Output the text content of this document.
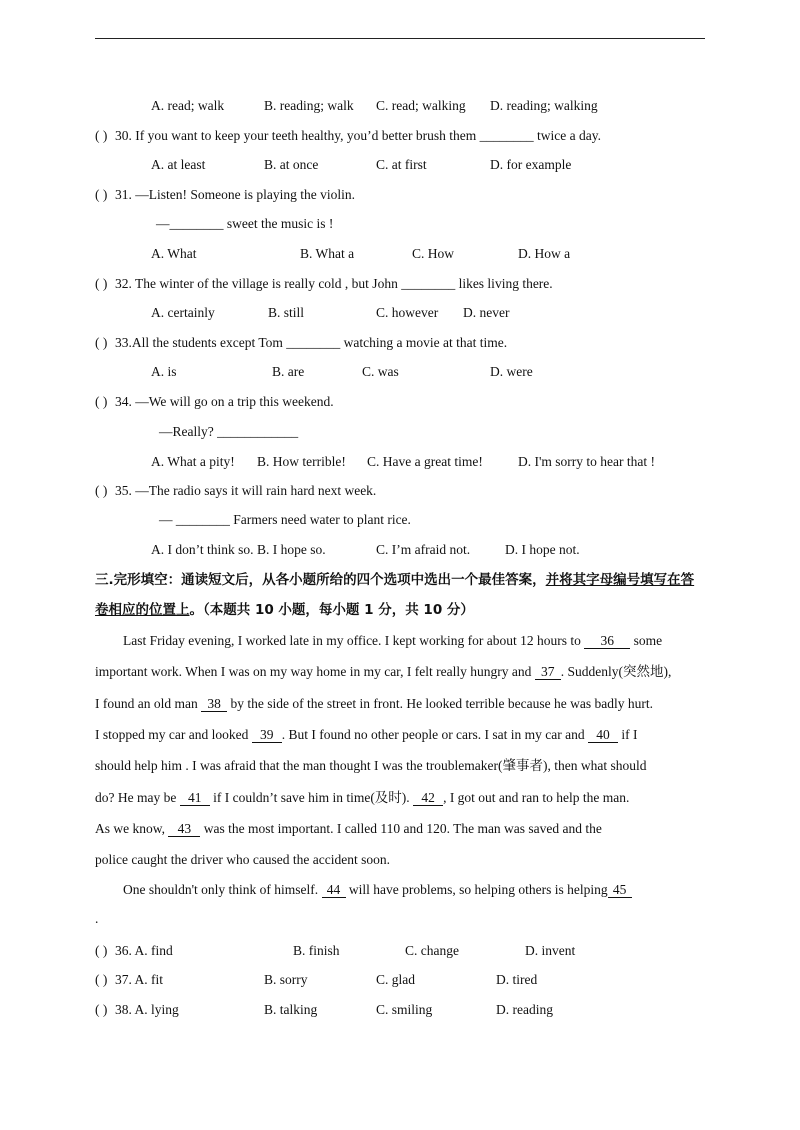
A. read; walk	B. reading; walk C. read; walking D. reading; walking
( ) 30. If you want to keep your teeth healthy, you’d better brush them ________ twice a day.
A. at least	B. at once	C. at first	D. for example
( ) 31. —Listen! Someone is playing the violin.
—________ sweet the music is !
A. What	B. What a	C. How	D. How a
( ) 32. The winter of the village is really cold , but John ________ likes living there.
A. certainly	B. still	C. however D. never
( ) 33.All the students except Tom ________ watching a movie at that time.
A. is	B. are	C. was	D. were
( ) 34. —We will go on a trip this weekend.
—Really? ____________
A. What a pity! B. How terrible! C. Have a great time!	D. I'm sorry to hear that !
( ) 35. —The radio says it will rain hard next week.
— ________ Farmers need water to plant rice.
A. I don’t think so. B. I hope so.	C. I’m afraid not.	D. I hope not.
三.完形填空：通读短文后，从各小题所给的四个选项中选出一个最佳答案，并将其字母编号填写在答
卷相应的位置上。（本题共 10 小题，每小题 1 分，共 10 分）
Last Friday evening, I worked late in my office. I kept working for about 12 hours to 36 some
important work. When I was on my way home in my car, I felt really hungry and 37 . Suddenly(突然地),
I found an old man 38 by the side of the street in front. He looked terrible because he was badly hurt.
I stopped my car and looked 39 . But I found no other people or cars. I sat in my car and 40 if I
should help him . I was afraid that the man thought I was the troublemaker(肇事者), then what should
do? He may be 41 if I couldn’t save him in time(及时). 42 , I got out and ran to help the man.
As we know, 43 was the most important. I called 110 and 120. The man was saved and the
police caught the driver who caused the accident soon.
One shouldn't only think of himself. 44 will have problems, so helping others is helping 45
.
( ) 36. A. find	B. finish	C. change	D. invent
( ) 37. A. fit	B. sorry	C. glad	D. tired
( ) 38. A. lying	B. talking	C. smiling	D. reading
